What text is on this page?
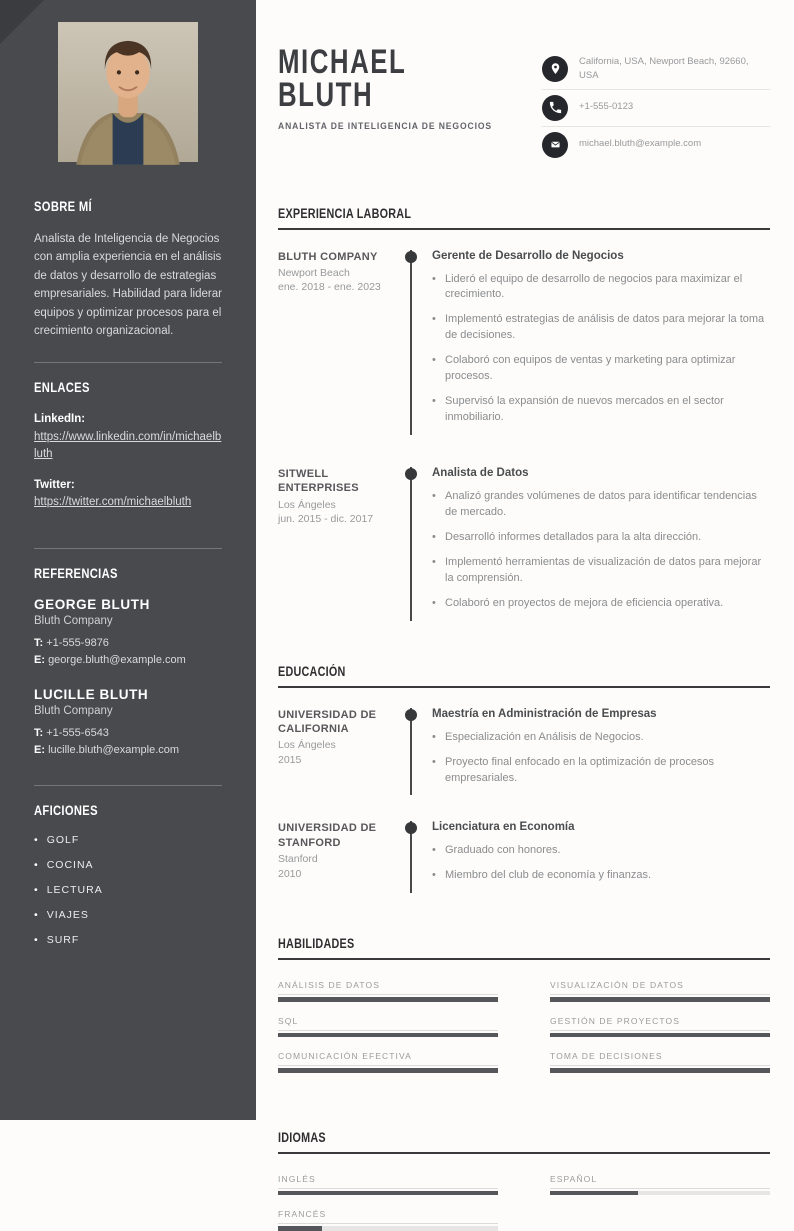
SOBRE MÍ

Analista de Inteligencia de Negocios con amplia experiencia en el análisis de datos y desarrollo de estrategias empresariales. Habilidad para liderar equipos y optimizar procesos para el crecimiento organizacional.

ENLACES
LinkedIn:
https://www.linkedin.com/in/michaelbluth
Twitter:
https://twitter.com/michaelbluth
REFERENCIAS
GEORGE BLUTH
Bluth Company
T: +1-555-9876
E: george.bluth@example.com
LUCILLE BLUTH
Bluth Company
T: +1-555-6543
E: lucille.bluth@example.com
AFICIONES
• GOLF
• COCINA
• LECTURA
• VIAJES
• SURF
MICHAEL
BLUTH
ANALISTA DE INTELIGENCIA DE NEGOCIOS
California, USA, Newport Beach, 92660, USA
+1-555-0123
michael.bluth@example.com
EXPERIENCIA LABORAL
BLUTH COMPANY
Newport Beach
ene. 2018 - ene. 2023
Gerente de Desarrollo de Negocios
• Lideró el equipo de desarrollo de negocios para maximizar el crecimiento.
• Implementó estrategias de análisis de datos para mejorar la toma de decisiones.
• Colaboró con equipos de ventas y marketing para optimizar procesos.
• Supervisó la expansión de nuevos mercados en el sector inmobiliario.
SITWELL ENTERPRISES
Los Ángeles
jun. 2015 - dic. 2017
Analista de Datos
• Analizó grandes volúmenes de datos para identificar tendencias de mercado.
• Desarrolló informes detallados para la alta dirección.
• Implementó herramientas de visualización de datos para mejorar la comprensión.
• Colaboró en proyectos de mejora de eficiencia operativa.
EDUCACIÓN
UNIVERSIDAD DE CALIFORNIA
Los Ángeles
2015
Maestría en Administración de Empresas
• Especialización en Análisis de Negocios.
• Proyecto final enfocado en la optimización de procesos empresariales.
UNIVERSIDAD DE STANFORD
Stanford
2010
Licenciatura en Economía
• Graduado con honores.
• Miembro del club de economía y finanzas.
HABILIDADES
ANÁLISIS DE DATOS	VISUALIZACIÓN DE DATOS
SQL	GESTIÓN DE PROYECTOS
COMUNICACIÓN EFECTIVA	TOMA DE DECISIONES
IDIOMAS
INGLÉS	ESPAÑOL
FRANCÉS
